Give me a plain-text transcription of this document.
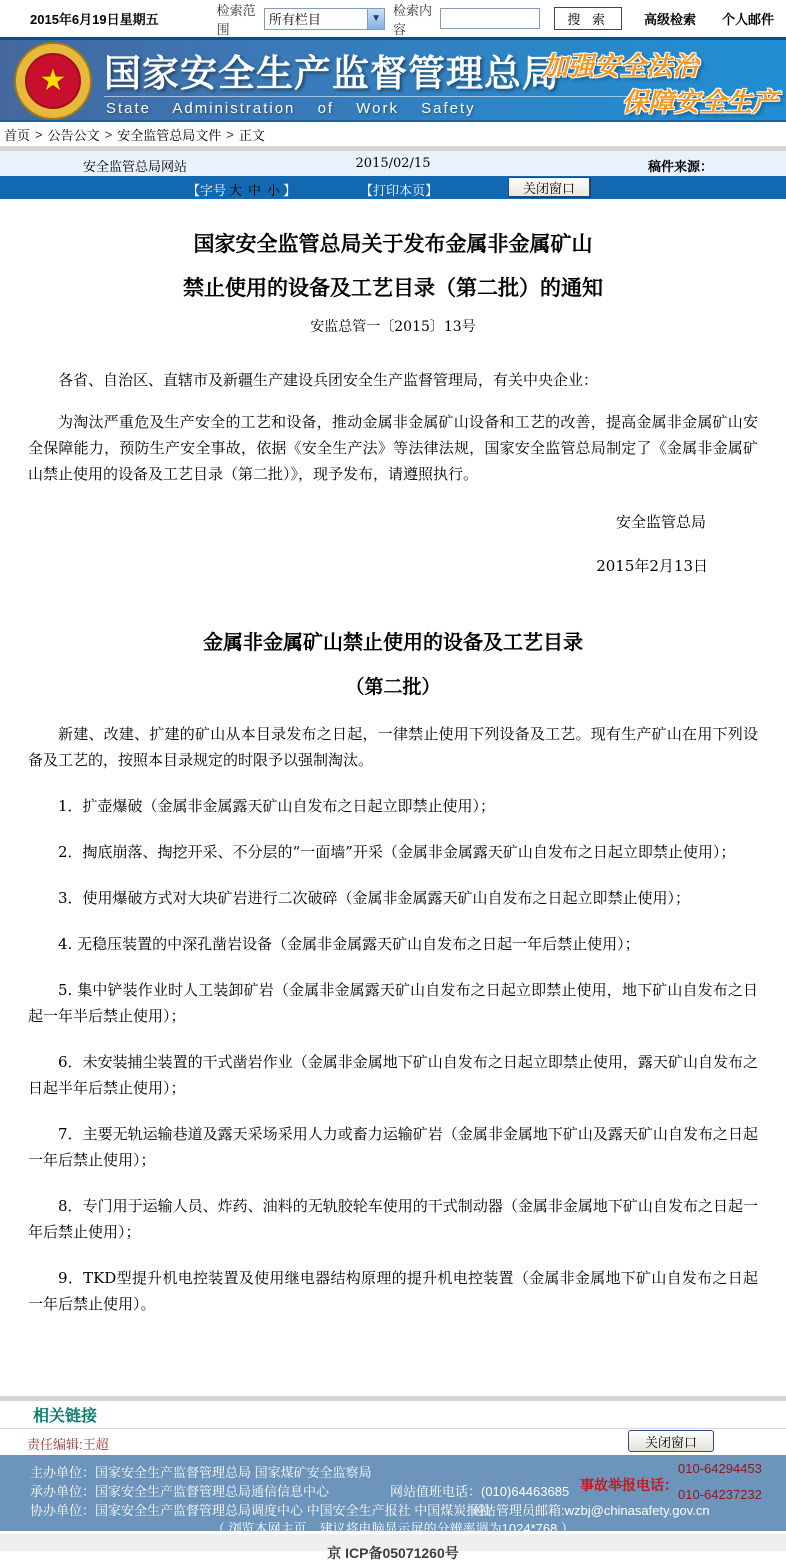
2015年6月19日星期五
检索范围
所有栏目	▼
检索内容
搜 索	高级检索 个人邮件
★ 国家安全生产监督管理总局
State Administration of Work Safety
加强安全法治
保障安全生产
首页 > 公告公文 > 安全监管总局文件 > 正文
安全监管总局网站	2015/02/15	稿件来源：
【字号 大 中 小 】	【打印本页】	关闭窗口
国家安全监管总局关于发布金属非金属矿山
禁止使用的设备及工艺目录（第二批）的通知
安监总管一〔2015〕13号

各省、自治区、直辖市及新疆生产建设兵团安全生产监督管理局，有关中央企业：

为淘汰严重危及生产安全的工艺和设备，推动金属非金属矿山设备和工艺的改善，提高金属非金属矿山安全保障能力，预防生产安全事故，依据《安全生产法》等法律法规，国家安全监管总局制定了《金属非金属矿山禁止使用的设备及工艺目录（第二批）》，现予发布，请遵照执行。

安全监管总局
2015年2月13日
金属非金属矿山禁止使用的设备及工艺目录
（第二批）

新建、改建、扩建的矿山从本目录发布之日起，一律禁止使用下列设备及工艺。现有生产矿山在用下列设备及工艺的，按照本目录规定的时限予以强制淘汰。

1．扩壶爆破（金属非金属露天矿山自发布之日起立即禁止使用）；

2．掏底崩落、掏挖开采、不分层的“一面墙”开采（金属非金属露天矿山自发布之日起立即禁止使用）；

3．使用爆破方式对大块矿岩进行二次破碎（金属非金属露天矿山自发布之日起立即禁止使用）；

4. 无稳压装置的中深孔凿岩设备（金属非金属露天矿山自发布之日起一年后禁止使用）；

5. 集中铲装作业时人工装卸矿岩（金属非金属露天矿山自发布之日起立即禁止使用，地下矿山自发布之日起一年半后禁止使用）；

6．未安装捕尘装置的干式凿岩作业（金属非金属地下矿山自发布之日起立即禁止使用，露天矿山自发布之日起半年后禁止使用）；

7．主要无轨运输巷道及露天采场采用人力或畜力运输矿岩（金属非金属地下矿山及露天矿山自发布之日起一年后禁止使用）；

8．专门用于运输人员、炸药、油料的无轨胶轮车使用的干式制动器（金属非金属地下矿山自发布之日起一年后禁止使用）；

9．TKD型提升机电控装置及使用继电器结构原理的提升机电控装置（金属非金属地下矿山自发布之日起一年后禁止使用）。

相关链接
责任编辑:王超	关闭窗口
主办单位：国家安全生产监督管理总局 国家煤矿安全监察局
承办单位：国家安全生产监督管理总局通信信息中心	网站值班电话：(010)64463685
协办单位：国家安全生产监督管理总局调度中心 中国安全生产报社 中国煤炭报社
网站管理员邮箱:wzbj@chinasafety.gov.cn
（ 浏览本网主页，建议将电脑显示屏的分辨率调为1024*768 ）
事故举报电话：
010-64294453
010-64237232
京 ICP备05071260号
